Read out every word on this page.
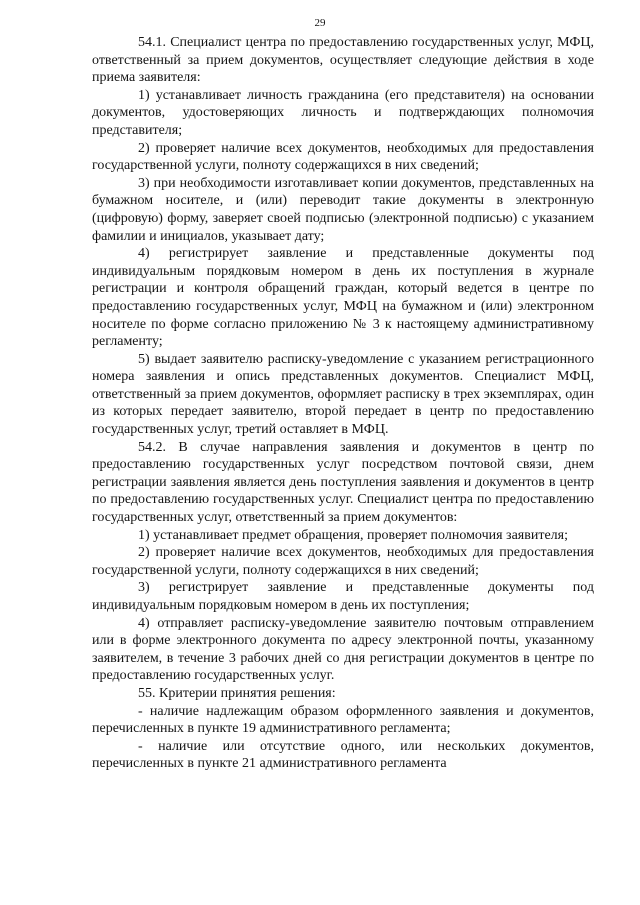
29

54.1. Специалист центра по предоставлению государственных услуг, МФЦ, ответственный за прием документов, осуществляет следующие действия в ходе приема заявителя:

1) устанавливает личность гражданина (его представителя) на основании документов, удостоверяющих личность и подтверждающих полномочия представителя;

2) проверяет наличие всех документов, необходимых для предоставления государственной услуги, полноту содержащихся в них сведений;

3) при необходимости изготавливает копии документов, представленных на бумажном носителе, и (или) переводит такие документы в электронную (цифровую) форму, заверяет своей подписью (электронной подписью) с указанием фамилии и инициалов, указывает дату;

4) регистрирует заявление и представленные документы под индивидуальным порядковым номером в день их поступления в журнале регистрации и контроля обращений граждан, который ведется в центре по предоставлению государственных услуг, МФЦ на бумажном и (или) электронном носителе по форме согласно приложению № 3 к настоящему административному регламенту;

5) выдает заявителю расписку-уведомление с указанием регистрационного номера заявления и опись представленных документов. Специалист МФЦ, ответственный за прием документов, оформляет расписку в трех экземплярах, один из которых передает заявителю, второй передает в центр по предоставлению государственных услуг, третий оставляет в МФЦ.

54.2. В случае направления заявления и документов в центр по предоставлению государственных услуг посредством почтовой связи, днем регистрации заявления является день поступления заявления и документов в центр по предоставлению государственных услуг. Специалист центра по предоставлению государственных услуг, ответственный за прием документов:

1) устанавливает предмет обращения, проверяет полномочия заявителя;

2) проверяет наличие всех документов, необходимых для предоставления государственной услуги, полноту содержащихся в них сведений;

3) регистрирует заявление и представленные документы под индивидуальным порядковым номером в день их поступления;

4) отправляет расписку-уведомление заявителю почтовым отправлением или в форме электронного документа по адресу электронной почты, указанному заявителем, в течение 3 рабочих дней со дня регистрации документов в центре по предоставлению государственных услуг.

55. Критерии принятия решения:

- наличие надлежащим образом оформленного заявления и документов, перечисленных в пункте 19 административного регламента;

- наличие или отсутствие одного, или нескольких документов, перечисленных в пункте 21 административного регламента
